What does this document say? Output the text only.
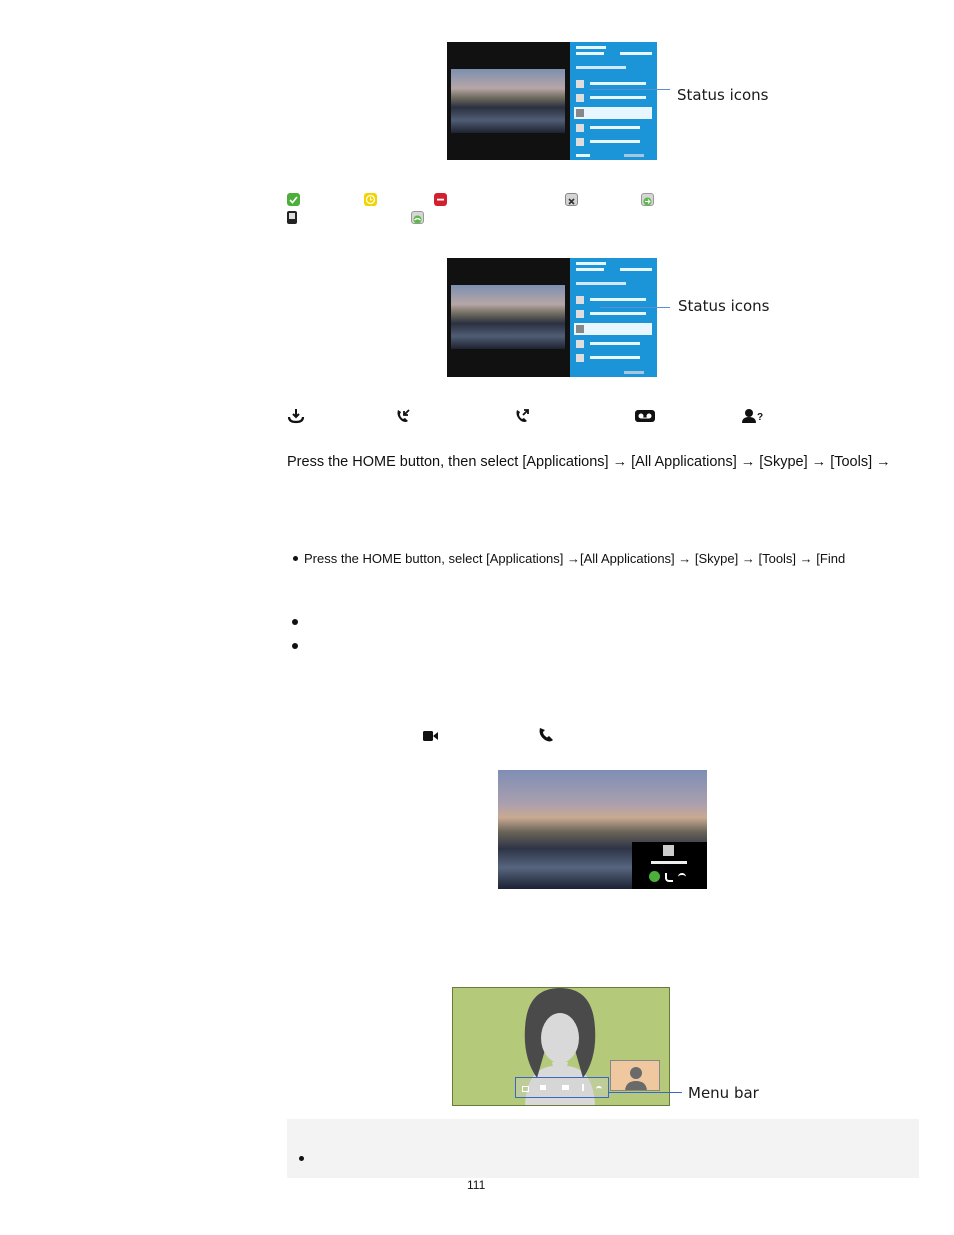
Status icons
Status icons
?
Press the HOME button, then select [Applications] → [All Applications] → [Skype] → [Tools] →
Press the HOME button, select [Applications] →[All Applications] → [Skype] → [Tools] → [Find
Menu bar
111
